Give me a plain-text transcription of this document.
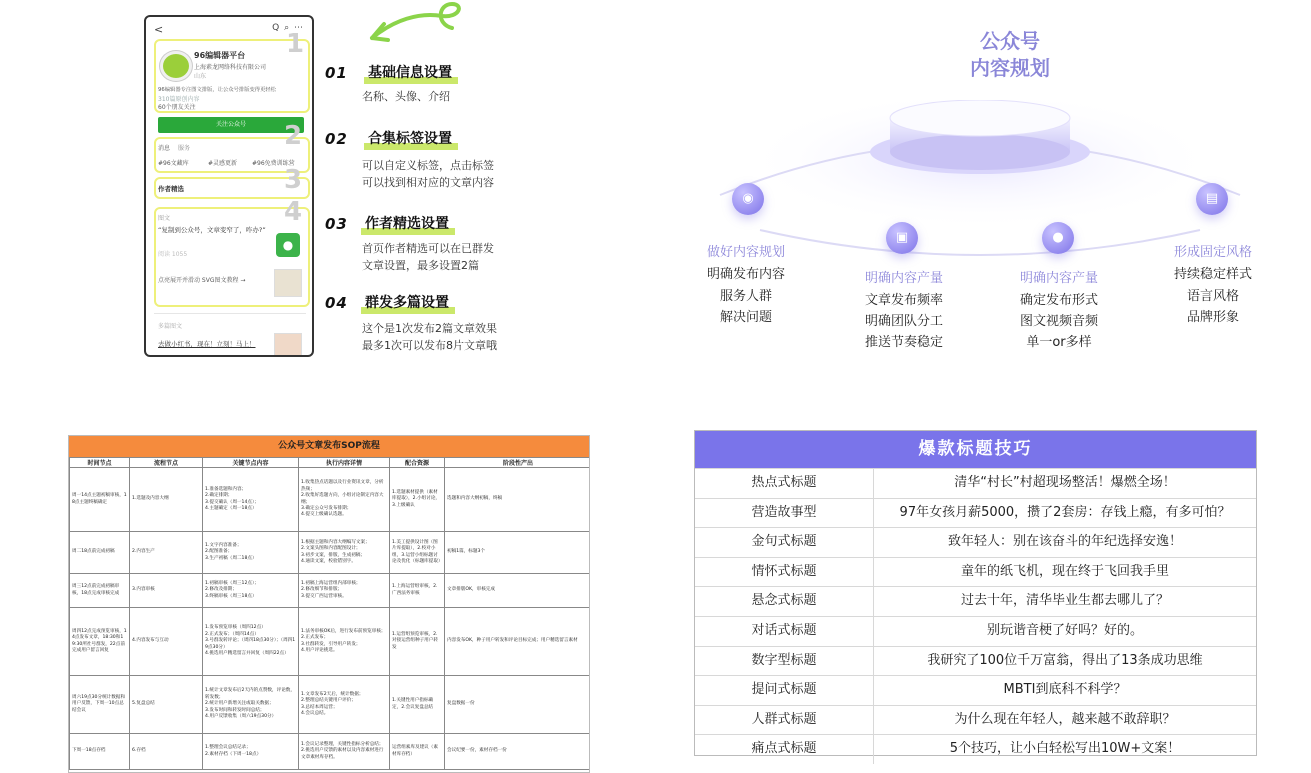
<	Q ⌕ ⋯
1
96编辑器平台
上海素龙网络科技有限公司
山东
96编辑器专注图文排版，让公众号排版变得更轻松
310篇原创内容
60个朋友关注
关注公众号	2
消息 服务
#96文藏库	#灵感更新 #96免费训练营
3
作者精选
4
图文
“复制到公众号，文章变窄了，咋办?”
阅读 1055
●
点亮展开并滑动 SVG图文教程 →
多篇图文
去做小红书，现在！立刻！马上！
01 基础信息设置
名称、头像、介绍
02 合集标签设置
可以自定义标签，点击标签
可以找到相对应的文章内容
03 作者精选设置
首页作者精选可以在已群发
文章设置，最多设置2篇
04 群发多篇设置
这个是1次发布2篇文章效果
最多1次可以发布8片文章哦
公众号
内容规划
◉
▣	●
▤
做好内容规划
明确发布内容
服务人群
解决问题
明确内容产量
文章发布频率
明确团队分工
推送节奏稳定
明确内容产量
确定发布形式
图文视频音频
单一or多样
形成固定风格
持续稳定样式
语言风格
品牌形象
公众号文章发布SOP流程
时间节点	流程节点	关键节点内容	执行内容详情	配合资源	阶段性产出
周一14点主题初稿审核，18点主题终稿确定	1.选题及内容大纲	1.准备选题和内容；
2.确定排期；
3.提交确认（周一14点）；
4.主题确定（周一18点）	1.收集热点话题以及行业资讯文章，分析热频；
2.收集好选题方向，小组讨论制定内容大纲；
3.确定公众号发布排期；
4.提交上级确认选题。	1.选题素材提供（素材库提取），2.小组讨论，3.上级确认	选题和内容大纲初稿，终稿
周二18点前完成初稿	2.内容生产	1.文字内容准备；
2.配图准备；
3.生产初稿（周二18点）	1.根据主题和内容大纲编写文案；
2.文案头图和内容配图设计；
3.初步文案，排版，生成初稿；
4.通读文案，校验错别字。	1.美工提供设计图（图片库提取），2.校对小组，3.运营小组标题讨论及优化（标题库提取）	初稿1篇，标题3个
周三12点前完成初稿审核，18点完成审核完成	3.内容审核	1.初稿审核（周三12点）；
2.修改及排期；
3.终稿审核（周三18点）	1.初稿上海运营组内部审核；
2.修改细节和排版；
3.提交广西运营审核。	1.上海运营组审核，2.广西法务审核	文章排版OK，审核完成
周四12点完成预览审核，14点发布文章，18:30和19:30所社号群发，22点前完成用户留言回复	4.内容发布与互动	1.发布预览审核（周四12点）
2.正式发布；（周四14点）
3.号群发转评论；（周四18点30分）；（周四19点30分）
4.挑选用户精选留言并回复（周四22点）	1.法务审核OK后，进行发布前预览审核；
2.正式发布；
3.社群转发，引导用户转发；
4.用户评论挑选。	1.运营组预览审核，2.对接运营组种子用户转发	内容发布OK，种子用户转发和评论目标完成；用户精选留言素材
周六19点30分统计数据和用户反馈，下周一10点总结会议	5.复盘总结	1.统计文章发布后2天内的点赞数，评论数，转发数；
2.统计用户新增关注或取关数据；
3.发布时间和转发时间总结；
4.用户反馈收集（周六19点30分）	1.文章发布2天后，统计数据；
2.整理总结关键用户评价；
3.总结本周运营；
4.会议总结。	1.关键性用户指标确定，2.会议复盘总结	复盘数据一份
下周一18点存档	6.存档	1.整理会议总结记录；
2.素材存档（下周一18点）	1.会议记录整理，关键性指标分析总结；
2.挑选用户反馈的素材以及内容素材进行文章素材库存档。	运营组素库及建议（素材库存档）	会议纪要一份，素材存档一份
爆款标题技巧
热点式标题	清华“村长”村超现场整活！爆燃全场！
营造故事型	97年女孩月薪5000，攒了2套房：存钱上瘾，有多可怕？
金句式标题	致年轻人：别在该奋斗的年纪选择安逸！
情怀式标题	童年的纸飞机，现在终于飞回我手里
悬念式标题	过去十年，清华毕业生都去哪儿了？
对话式标题	别玩谐音梗了好吗？好的。
数字型标题	我研究了100位千万富翁，得出了13条成功思维
提问式标题	MBTI到底科不科学？
人群式标题	为什么现在年轻人，越来越不敢辞职？
痛点式标题	5个技巧，让小白轻松写出10W+文案！
